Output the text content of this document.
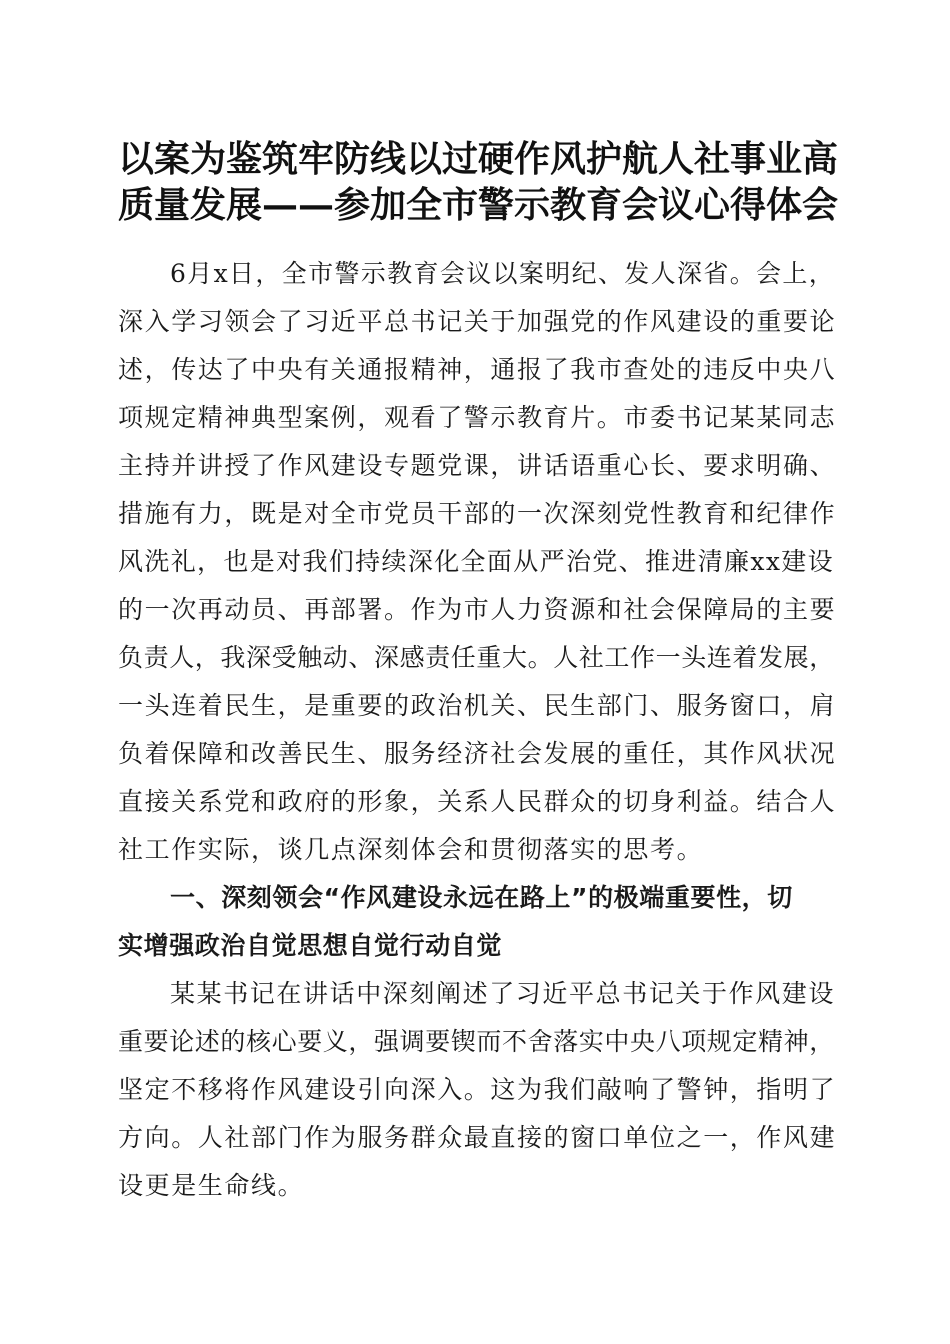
以案为鉴筑牢防线以过硬作风护航人社事业高
质量发展——参加全市警示教育会议心得体会
6月x日，全市警示教育会议以案明纪、发人深省。会上，
深入学习领会了习近平总书记关于加强党的作风建设的重要论
述，传达了中央有关通报精神，通报了我市查处的违反中央八
项规定精神典型案例，观看了警示教育片。市委书记某某同志
主持并讲授了作风建设专题党课，讲话语重心长、要求明确、
措施有力，既是对全市党员干部的一次深刻党性教育和纪律作
风洗礼，也是对我们持续深化全面从严治党、推进清廉xx建设
的一次再动员、再部署。作为市人力资源和社会保障局的主要
负责人，我深受触动、深感责任重大。人社工作一头连着发展，
一头连着民生，是重要的政治机关、民生部门、服务窗口，肩
负着保障和改善民生、服务经济社会发展的重任，其作风状况
直接关系党和政府的形象，关系人民群众的切身利益。结合人
社工作实际，谈几点深刻体会和贯彻落实的思考。
一、深刻领会“作风建设永远在路上”的极端重要性，切
实增强政治自觉思想自觉行动自觉
某某书记在讲话中深刻阐述了习近平总书记关于作风建设
重要论述的核心要义，强调要锲而不舍落实中央八项规定精神，
坚定不移将作风建设引向深入。这为我们敲响了警钟，指明了
方向。人社部门作为服务群众最直接的窗口单位之一，作风建
设更是生命线。
